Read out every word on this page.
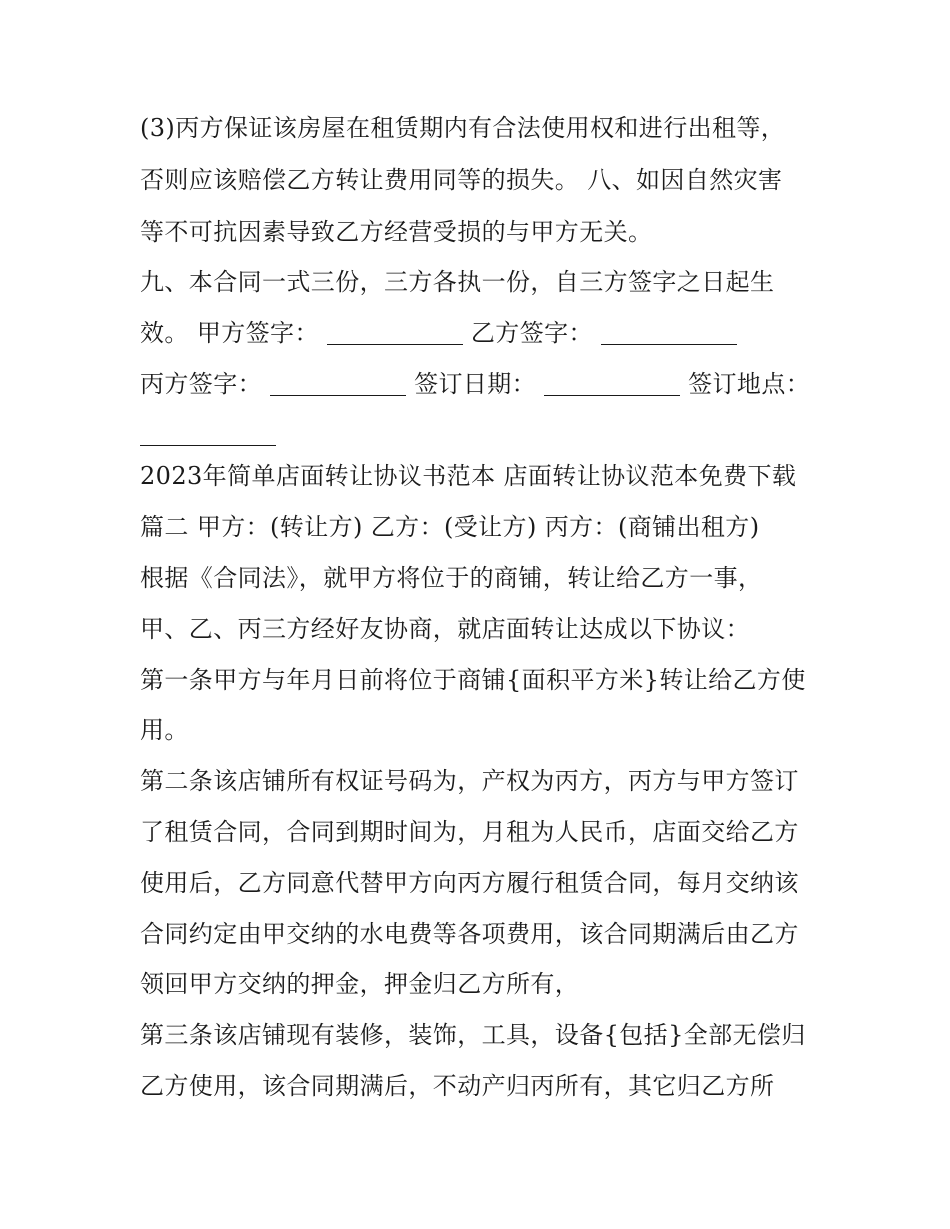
(3)丙方保证该房屋在租赁期内有合法使用权和进行出租等，
否则应该赔偿乙方转让费用同等的损失。 八、如因自然灾害
等不可抗因素导致乙方经营受损的与甲方无关。
九、本合同一式三份，三方各执一份，自三方签字之日起生
效。 甲方签字：	乙方签字：
丙方签字：	签订日期：	签订地点：
2023年简单店面转让协议书范本 店面转让协议范本免费下载
篇二 甲方：(转让方) 乙方：(受让方) 丙方：(商铺出租方)
根据《合同法》，就甲方将位于的商铺，转让给乙方一事，
甲、乙、丙三方经好友协商，就店面转让达成以下协议：
第一条甲方与年月日前将位于商铺{面积平方米}转让给乙方使
用。
第二条该店铺所有权证号码为，产权为丙方，丙方与甲方签订
了租赁合同，合同到期时间为，月租为人民币，店面交给乙方
使用后，乙方同意代替甲方向丙方履行租赁合同，每月交纳该
合同约定由甲交纳的水电费等各项费用，该合同期满后由乙方
领回甲方交纳的押金，押金归乙方所有，
第三条该店铺现有装修，装饰，工具，设备{包括}全部无偿归
乙方使用，该合同期满后，不动产归丙所有，其它归乙方所
